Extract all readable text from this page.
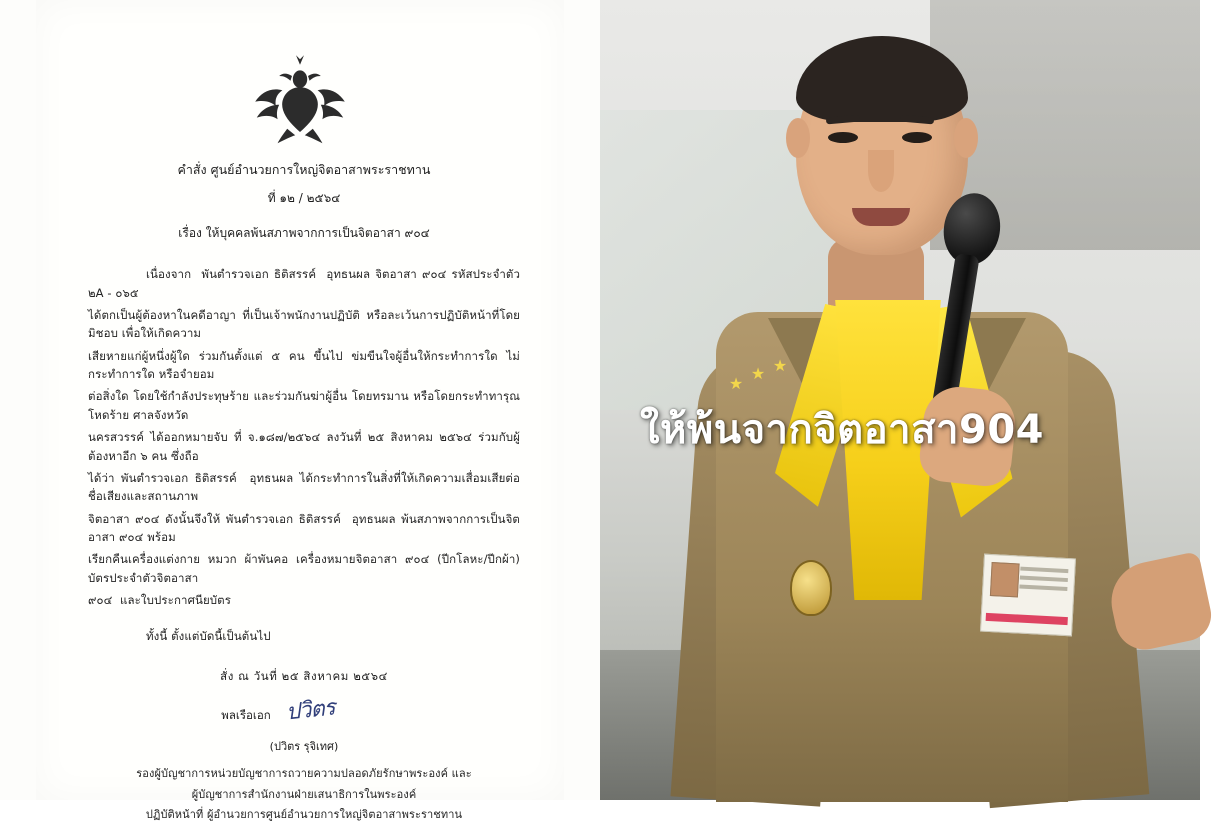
คำสั่ง ศูนย์อำนวยการใหญ่จิตอาสาพระราชทาน
ที่ ๑๒ / ๒๕๖๔
เรื่อง ให้บุคคลพ้นสภาพจากการเป็นจิตอาสา ๙๐๔
เนื่องจาก  พันตำรวจเอก ธิติสรรค์  อุทธนผล จิตอาสา ๙๐๔ รหัสประจำตัว ๒A - ๐๖๕
ได้ตกเป็นผู้ต้องหาในคดีอาญา ที่เป็นเจ้าพนักงานปฏิบัติ หรือละเว้นการปฏิบัติหน้าที่โดยมิชอบ เพื่อให้เกิดความ
เสียหายแก่ผู้หนึ่งผู้ใด ร่วมกันตั้งแต่ ๕ คน ขึ้นไป ข่มขืนใจผู้อื่นให้กระทำการใด ไม่กระทำการใด หรือจำยอม
ต่อสิ่งใด โดยใช้กำลังประทุษร้าย และร่วมกันฆ่าผู้อื่น โดยทรมาน หรือโดยกระทำทารุณโหดร้าย ศาลจังหวัด
นครสวรรค์ ได้ออกหมายจับ ที่ จ.๑๘๗/๒๕๖๔ ลงวันที่ ๒๕ สิงหาคม ๒๕๖๔ ร่วมกับผู้ต้องหาอีก ๖ คน ซึ่งถือ
ได้ว่า พันตำรวจเอก ธิติสรรค์  อุทธนผล ได้กระทำการในสิ่งที่ให้เกิดความเสื่อมเสียต่อชื่อเสียงและสถานภาพ
จิตอาสา ๙๐๔ ดังนั้นจึงให้ พันตำรวจเอก ธิติสรรค์  อุทธนผล พ้นสภาพจากการเป็นจิตอาสา ๙๐๔ พร้อม
เรียกคืนเครื่องแต่งกาย หมวก ผ้าพันคอ เครื่องหมายจิตอาสา ๙๐๔ (ปีกโลหะ/ปีกผ้า) บัตรประจำตัวจิตอาสา
๙๐๔  และใบประกาศนียบัตร
ทั้งนี้ ตั้งแต่บัดนี้เป็นต้นไป
สั่ง ณ วันที่ ๒๕ สิงหาคม ๒๕๖๔
พลเรือเอก ปวิตร
(ปวิตร รุจิเทศ)
รองผู้บัญชาการหน่วยบัญชาการถวายความปลอดภัยรักษาพระองค์ และ
ผู้บัญชาการสำนักงานฝ่ายเสนาธิการในพระองค์
ปฏิบัติหน้าที่ ผู้อำนวยการศูนย์อำนวยการใหญ่จิตอาสาพระราชทาน
★
★ ★
ให้พ้นจากจิตอาสา904
